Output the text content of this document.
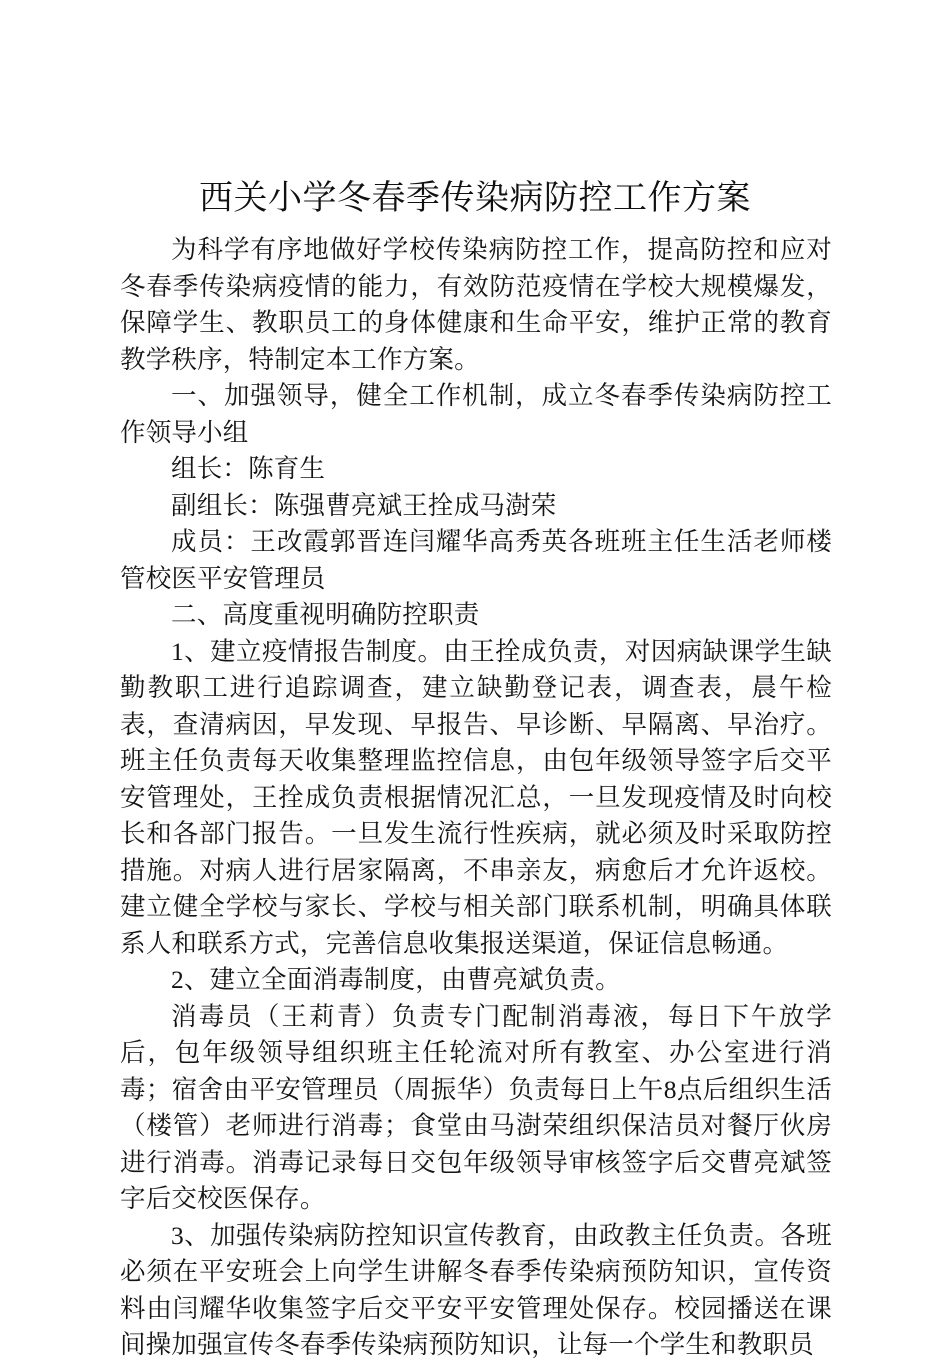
西关小学冬春季传染病防控工作方案

为科学有序地做好学校传染病防控工作，提高防控和应对冬春季传染病疫情的能力，有效防范疫情在学校大规模爆发，保障学生、教职员工的身体健康和生命平安，维护正常的教育教学秩序，特制定本工作方案。

一、加强领导，健全工作机制，成立冬春季传染病防控工作领导小组

组长：陈育生

副组长：陈强曹亮斌王拴成马澍荣

成员：王改霞郭晋连闫耀华高秀英各班班主任生活老师楼管校医平安管理员

二、高度重视明确防控职责

1、建立疫情报告制度。由王拴成负责，对因病缺课学生缺勤教职工进行追踪调查，建立缺勤登记表，调查表，晨午检表，查清病因，早发现、早报告、早诊断、早隔离、早治疗。班主任负责每天收集整理监控信息，由包年级领导签字后交平安管理处，王拴成负责根据情况汇总，一旦发现疫情及时向校长和各部门报告。一旦发生流行性疾病，就必须及时采取防控措施。对病人进行居家隔离，不串亲友，病愈后才允许返校。建立健全学校与家长、学校与相关部门联系机制，明确具体联系人和联系方式，完善信息收集报送渠道，保证信息畅通。

2、建立全面消毒制度，由曹亮斌负责。

消毒员（王莉青）负责专门配制消毒液，每日下午放学后，包年级领导组织班主任轮流对所有教室、办公室进行消毒；宿舍由平安管理员（周振华）负责每日上午8点后组织生活（楼管）老师进行消毒；食堂由马澍荣组织保洁员对餐厅伙房进行消毒。消毒记录每日交包年级领导审核签字后交曹亮斌签字后交校医保存。

3、加强传染病防控知识宣传教育，由政教主任负责。各班必须在平安班会上向学生讲解冬春季传染病预防知识，宣传资料由闫耀华收集签字后交平安平安管理处保存。校园播送在课间操加强宣传冬春季传染病预防知识，让每一个学生和教职员
